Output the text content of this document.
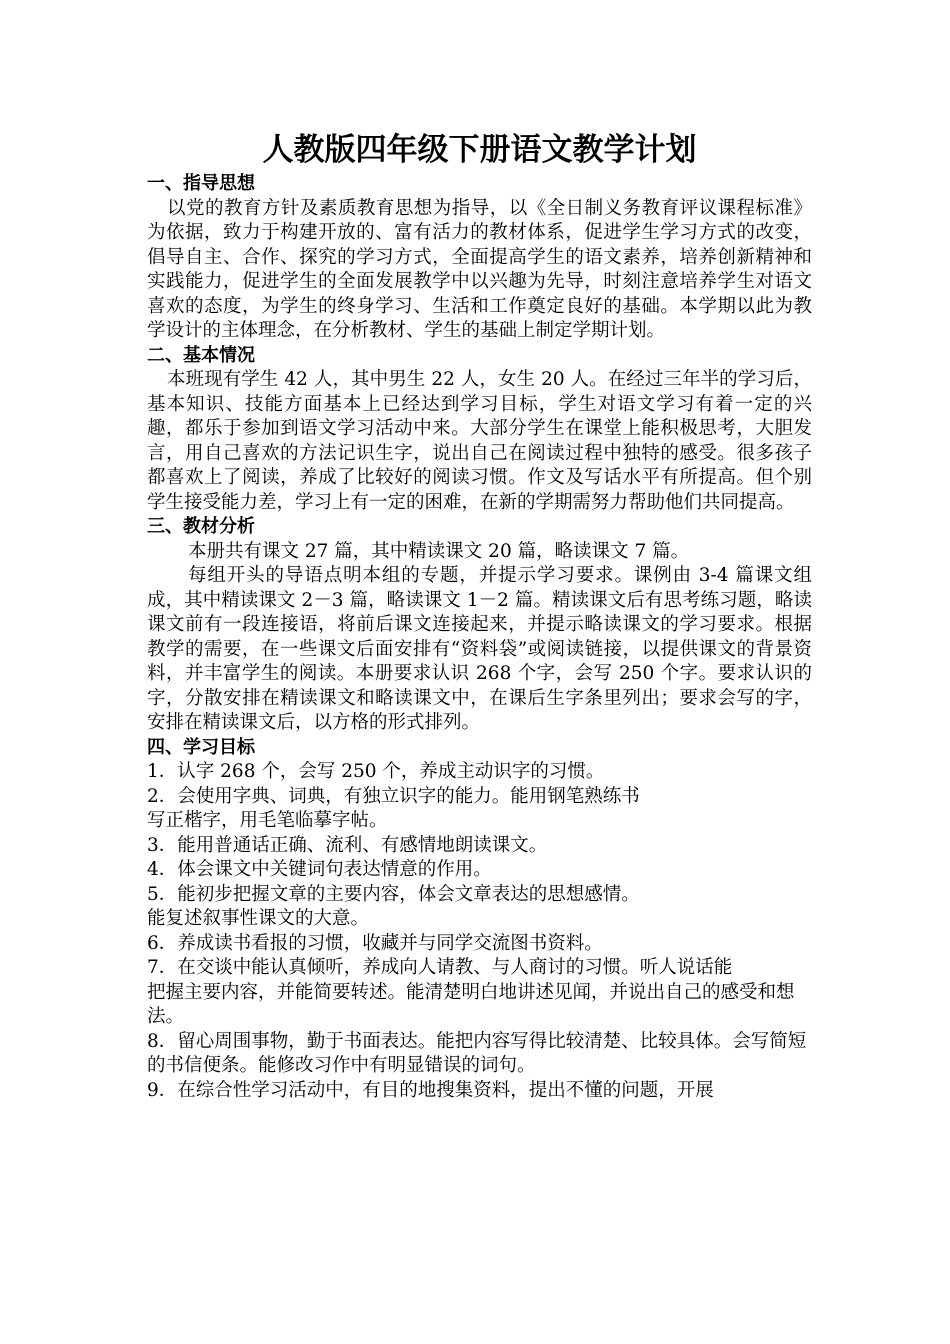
人教版四年级下册语文教学计划
一、指导思想

以党的教育方针及素质教育思想为指导，以《全日制义务教育评议课程标准》为依据，致力于构建开放的、富有活力的教材体系，促进学生学习方式的改变，倡导自主、合作、探究的学习方式，全面提高学生的语文素养，培养创新精神和实践能力，促进学生的全面发展教学中以兴趣为先导，时刻注意培养学生对语文喜欢的态度，为学生的终身学习、生活和工作奠定良好的基础。本学期以此为教学设计的主体理念，在分析教材、学生的基础上制定学期计划。

二、基本情况

本班现有学生 42 人，其中男生 22 人，女生 20 人。在经过三年半的学习后，基本知识、技能方面基本上已经达到学习目标，学生对语文学习有着一定的兴趣，都乐于参加到语文学习活动中来。大部分学生在课堂上能积极思考，大胆发言，用自己喜欢的方法记识生字，说出自己在阅读过程中独特的感受。很多孩子都喜欢上了阅读，养成了比较好的阅读习惯。作文及写话水平有所提高。但个别学生接受能力差，学习上有一定的困难，在新的学期需努力帮助他们共同提高。

三、教材分析

本册共有课文 27 篇，其中精读课文 20 篇，略读课文 7 篇。

每组开头的导语点明本组的专题，并提示学习要求。课例由 3-4 篇课文组成，其中精读课文 2－3 篇，略读课文 1－2 篇。精读课文后有思考练习题，略读课文前有一段连接语，将前后课文连接起来，并提示略读课文的学习要求。根据教学的需要，在一些课文后面安排有“资料袋”或阅读链接，以提供课文的背景资料，并丰富学生的阅读。本册要求认识 268 个字，会写 250 个字。要求认识的字，分散安排在精读课文和略读课文中，在课后生字条里列出；要求会写的字，安排在精读课文后，以方格的形式排列。

四、学习目标

1．认字 268 个，会写 250 个，养成主动识字的习惯。

2．会使用字典、词典，有独立识字的能力。能用钢笔熟练书

写正楷字，用毛笔临摹字帖。

3．能用普通话正确、流利、有感情地朗读课文。

4．体会课文中关键词句表达情意的作用。

5．能初步把握文章的主要内容，体会文章表达的思想感情。

能复述叙事性课文的大意。

6．养成读书看报的习惯，收藏并与同学交流图书资料。

7．在交谈中能认真倾听，养成向人请教、与人商讨的习惯。听人说话能

把握主要内容，并能简要转述。能清楚明白地讲述见闻，并说出自己的感受和想法。

8．留心周围事物，勤于书面表达。能把内容写得比较清楚、比较具体。会写简短的书信便条。能修改习作中有明显错误的词句。

9．在综合性学习活动中，有目的地搜集资料，提出不懂的问题，开展
